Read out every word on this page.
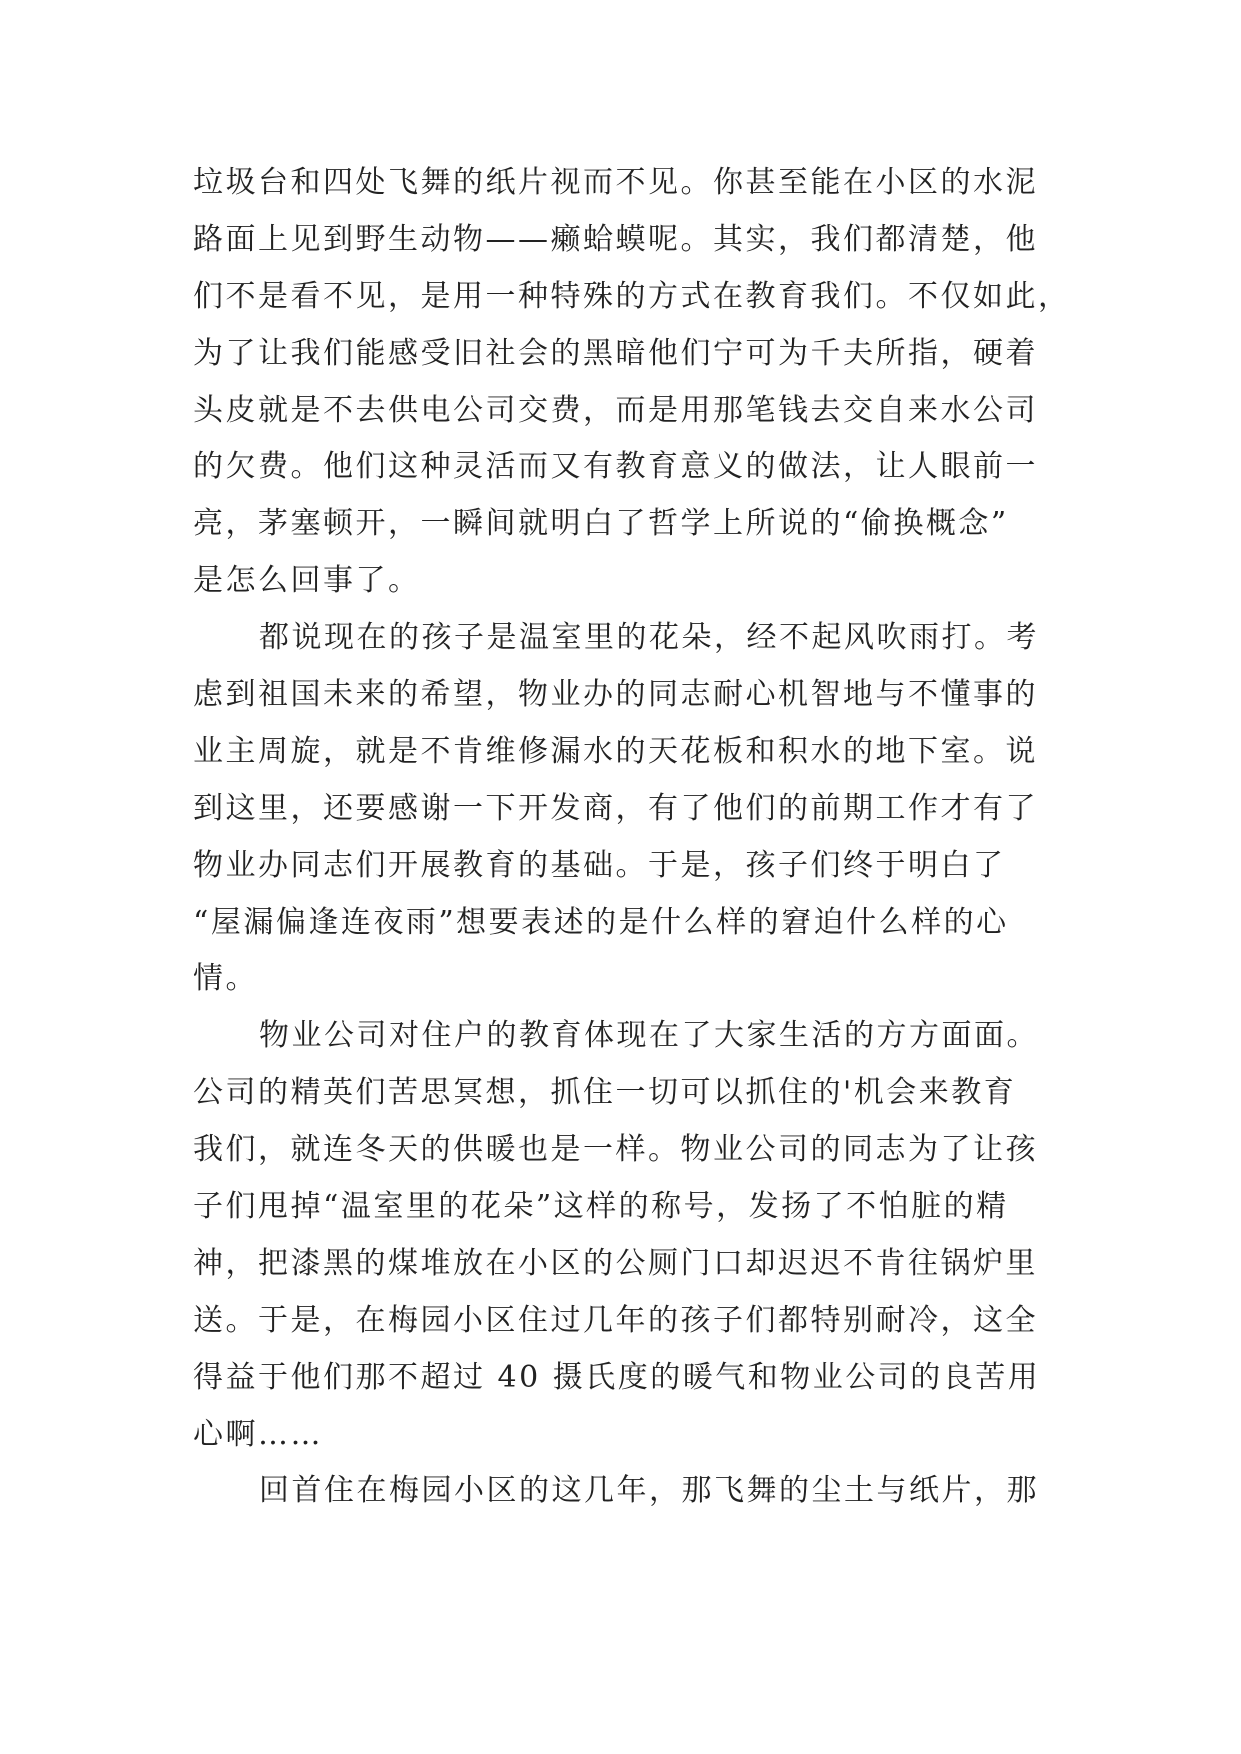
垃圾台和四处飞舞的纸片视而不见。你甚至能在小区的水泥
路面上见到野生动物——癞蛤蟆呢。其实，我们都清楚，他
们不是看不见，是用一种特殊的方式在教育我们。不仅如此，
为了让我们能感受旧社会的黑暗他们宁可为千夫所指，硬着
头皮就是不去供电公司交费，而是用那笔钱去交自来水公司
的欠费。他们这种灵活而又有教育意义的做法，让人眼前一
亮，茅塞顿开，一瞬间就明白了哲学上所说的“偷换概念”
是怎么回事了。
都说现在的孩子是温室里的花朵，经不起风吹雨打。考
虑到祖国未来的希望，物业办的同志耐心机智地与不懂事的
业主周旋，就是不肯维修漏水的天花板和积水的地下室。说
到这里，还要感谢一下开发商，有了他们的前期工作才有了
物业办同志们开展教育的基础。于是，孩子们终于明白了
“屋漏偏逢连夜雨”想要表述的是什么样的窘迫什么样的心
情。
物业公司对住户的教育体现在了大家生活的方方面面。
公司的精英们苦思冥想，抓住一切可以抓住的'机会来教育
我们，就连冬天的供暖也是一样。物业公司的同志为了让孩
子们甩掉“温室里的花朵”这样的称号，发扬了不怕脏的精
神，把漆黑的煤堆放在小区的公厕门口却迟迟不肯往锅炉里
送。于是，在梅园小区住过几年的孩子们都特别耐冷，这全
得益于他们那不超过 40 摄氏度的暖气和物业公司的良苦用
心啊……
回首住在梅园小区的这几年，那飞舞的尘土与纸片，那
